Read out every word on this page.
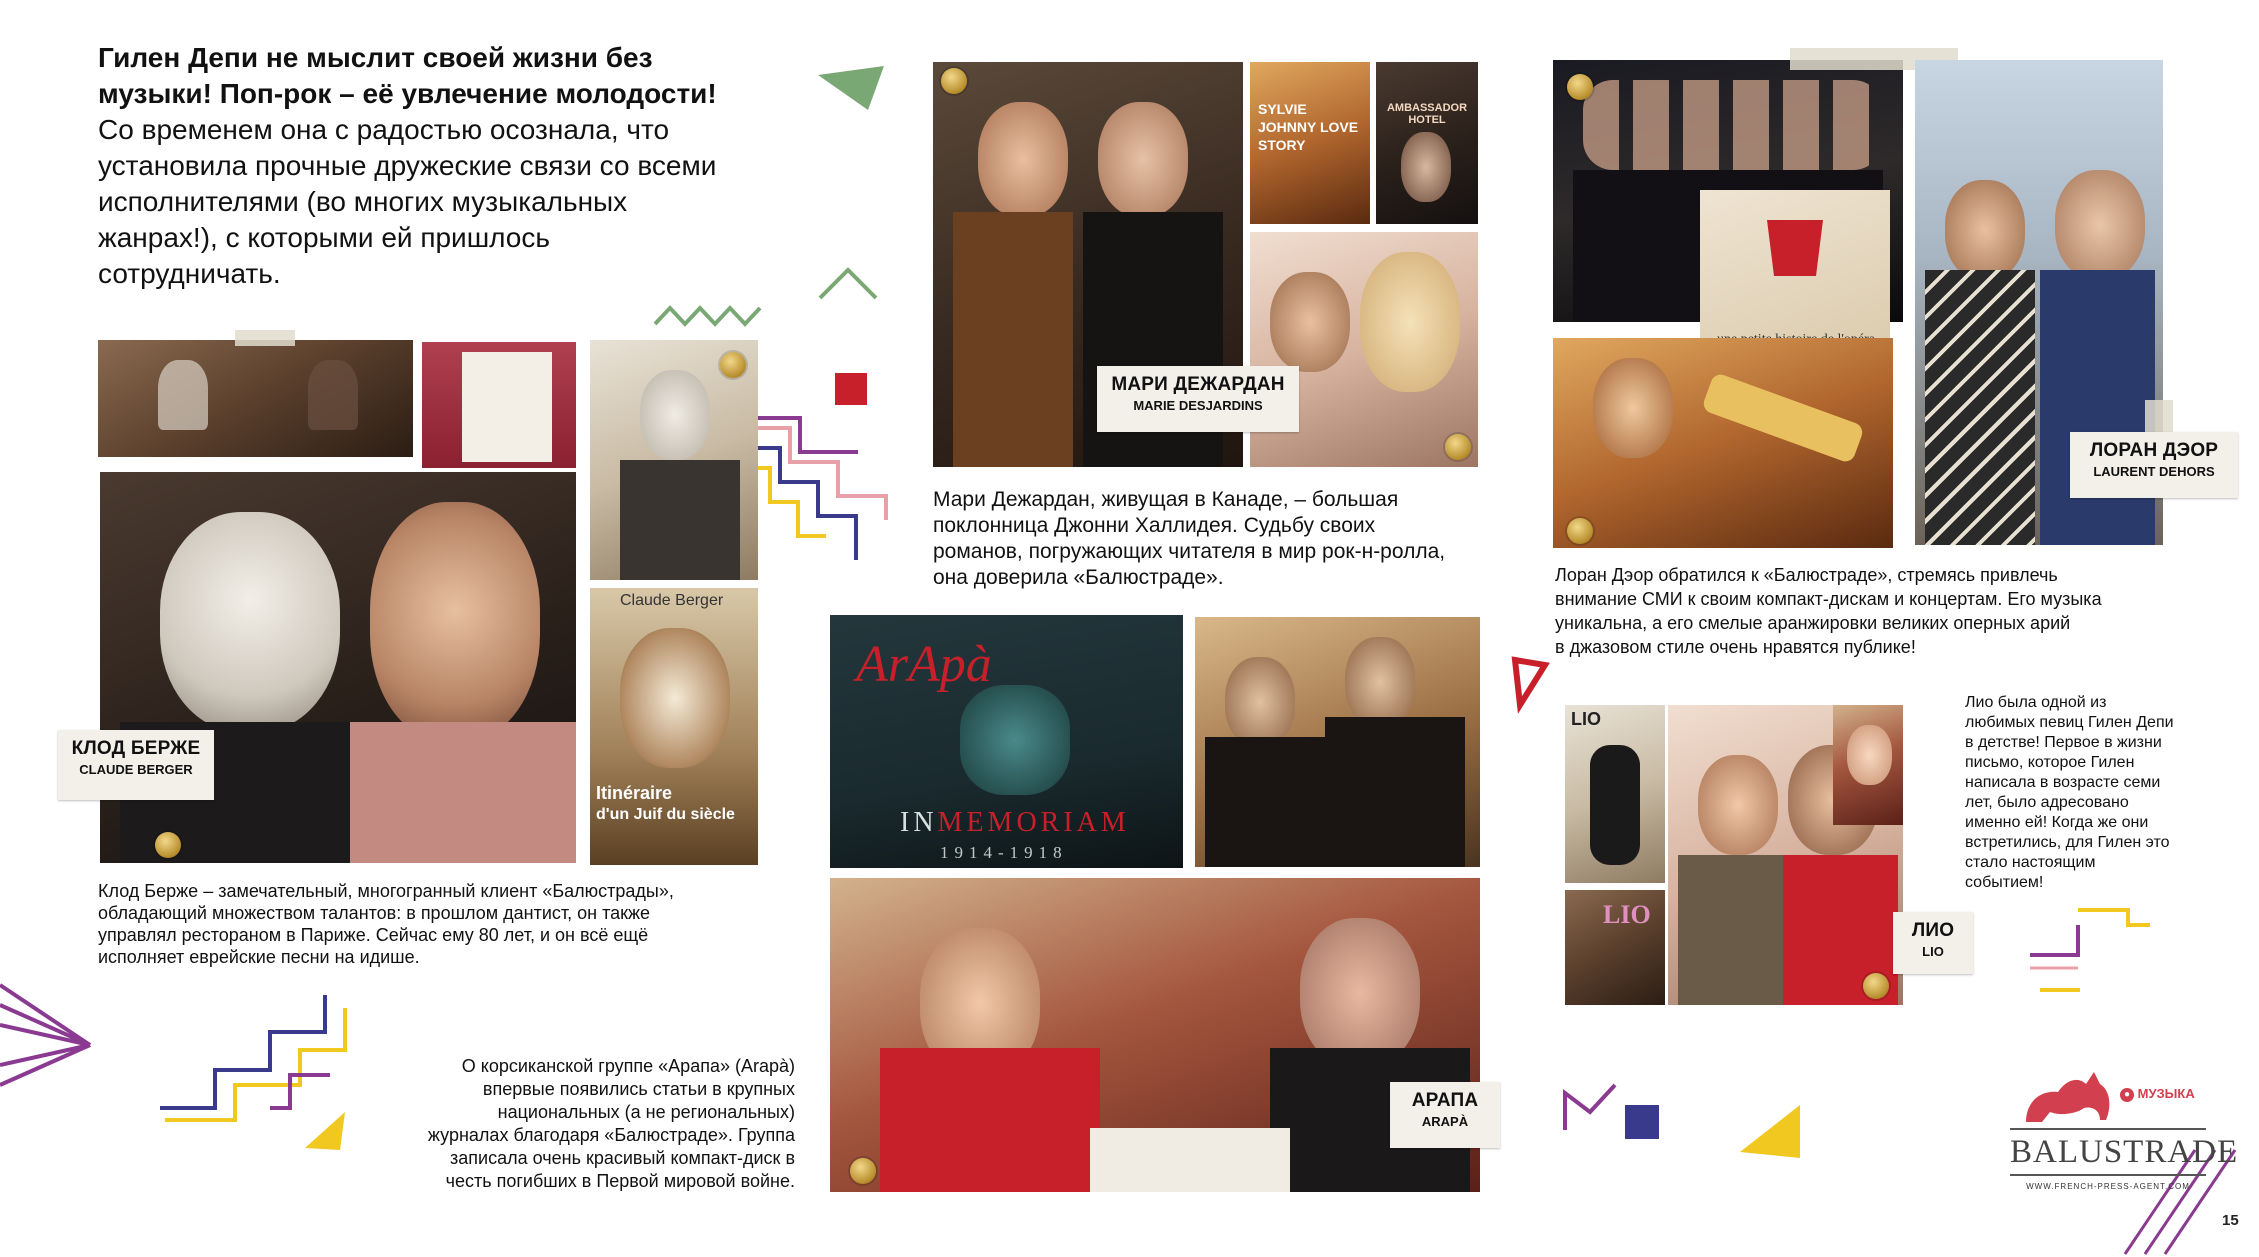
Гилен Депи не мыслит своей жизни без
музыки! Поп-рок – её увлечение молодости!
Со временем она с радостью осознала, что
установила прочные дружеские связи со всеми
исполнителями (во многих музыкальных
жанрах!), с которыми ей пришлось
сотрудничать.
Claude Berger
Itinéraire
d'un Juif du siècle
КЛОД БЕРЖЕ
CLAUDE BERGER
Клод Берже – замечательный, многогранный клиент «Балюстрады»,
обладающий множеством талантов: в прошлом дантист, он также
управлял рестораном в Париже. Сейчас ему 80 лет, и он всё ещё
исполняет еврейские песни на идише.
SYLVIE JOHNNY LOVE STORY
AMBASSADOR HOTEL
МАРИ ДЕЖАРДАН
MARIE DESJARDINS
Мари Дежардан, живущая в Канаде, – большая
поклонница Джонни Халлидея. Судьбу своих
романов, погружающих читателя в мир рок-н-ролла,
она доверила «Балюстраде».
ArApà
INMEMORIAM
1914-1918
АРАПА
ARAPÀ
О корсиканской группе «Арапа» (Arapà)
впервые появились статьи в крупных
национальных (а не региональных)
журналах благодаря «Балюстраде». Группа
записала очень красивый компакт-диск в
честь погибших в Первой мировой войне.
ЛОРАН ДЭОР
LAURENT DEHORS
Лоран Дэор обратился к «Балюстраде», стремясь привлечь
внимание СМИ к своим компакт-дискам и концертам. Его музыка
уникальна, а его смелые аранжировки великих оперных арий
в джазовом стиле очень нравятся публике!
LIO
LIO
ЛИО
LIO
Лио была одной из
любимых певиц Гилен Депи
в детстве! Первое в жизни
письмо, которое Гилен
написала в возрасте семи
лет, было адресовано
именно ей! Когда же они
встретились, для Гилен это
стало настоящим
событием!
● МУЗЫКА
BALUSTRADE
WWW.FRENCH-PRESS-AGENT.COM
15
